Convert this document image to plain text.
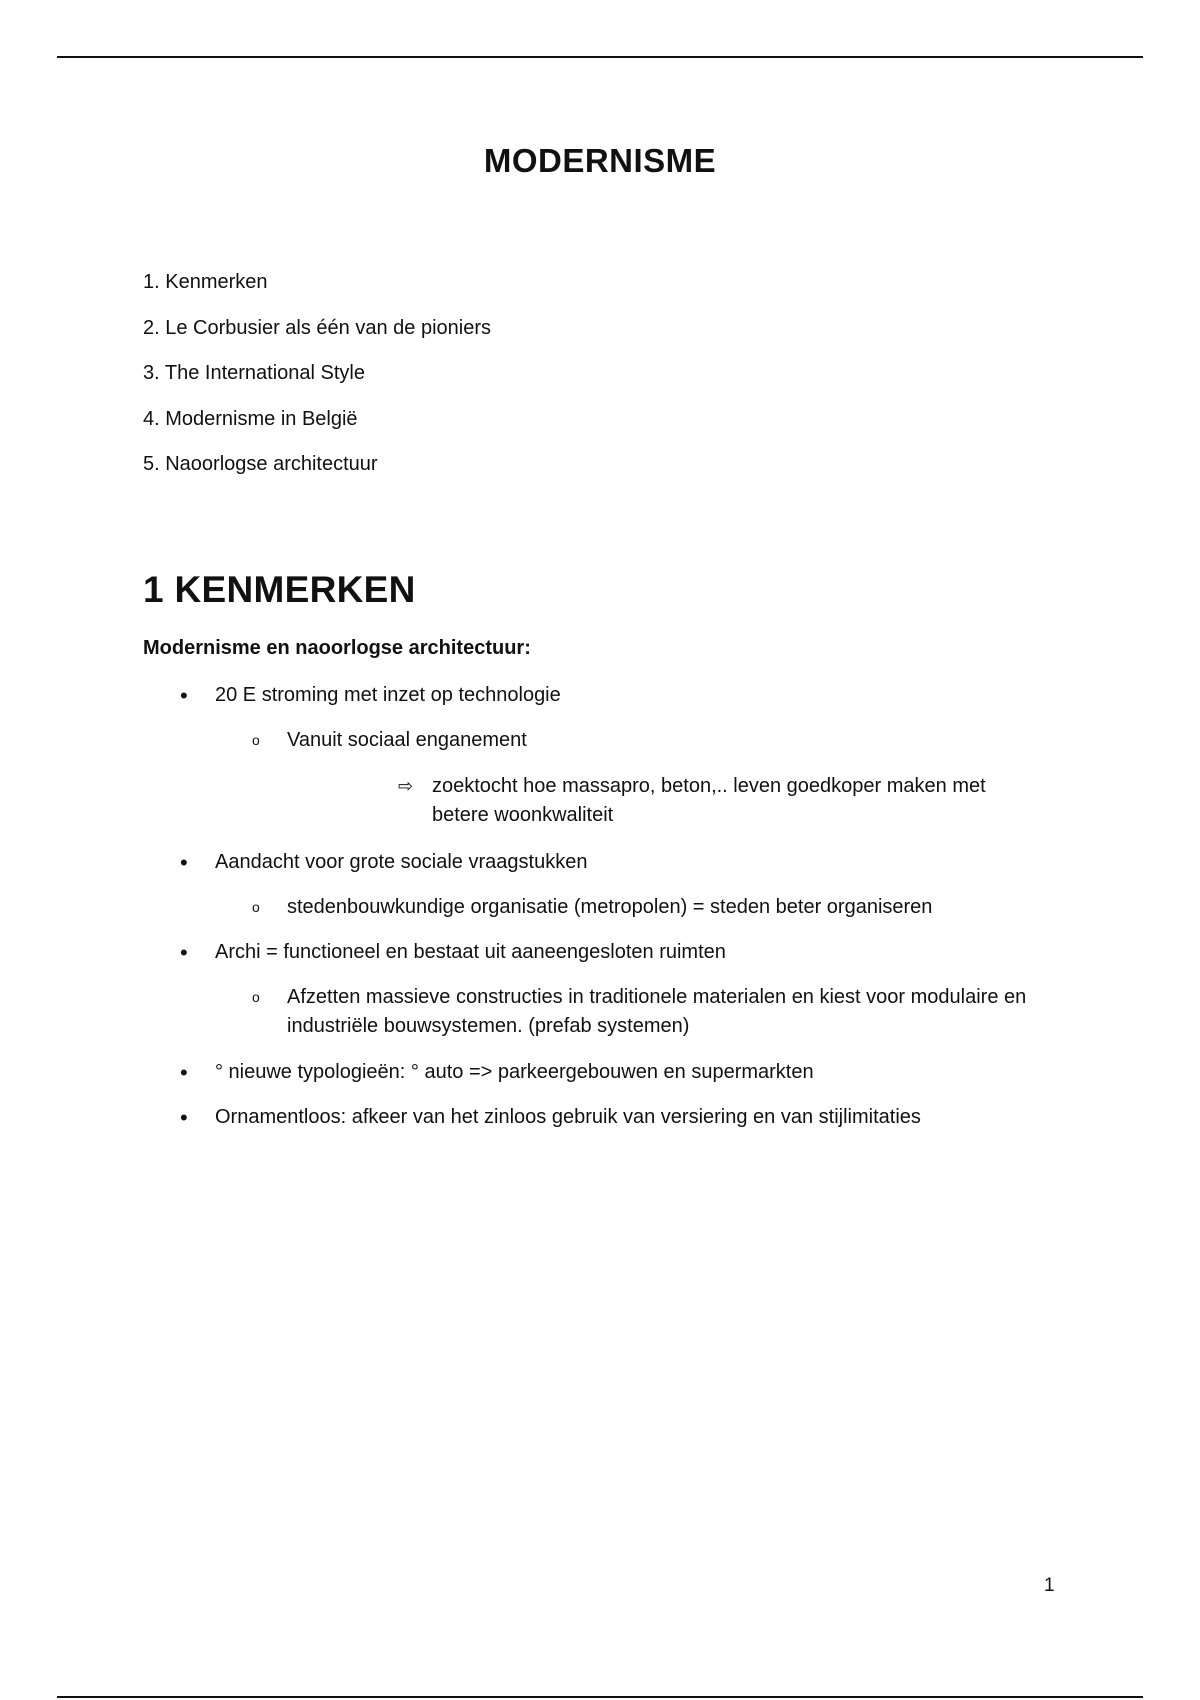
MODERNISME
1. Kenmerken
2. Le Corbusier als één van de pioniers
3. The International Style
4. Modernisme in België
5. Naoorlogse architectuur
1 KENMERKEN

Modernisme en naoorlogse architectuur:

• 20 E stroming met inzet op technologie
o Vanuit sociaal enganement
⇨ zoektocht hoe massapro, beton,.. leven goedkoper maken met betere woonkwaliteit
• Aandacht voor grote sociale vraagstukken
o stedenbouwkundige organisatie (metropolen) = steden beter organiseren
• Archi = functioneel en bestaat uit aaneengesloten ruimten
o Afzetten massieve constructies in traditionele materialen en kiest voor modulaire en industriële bouwsystemen. (prefab systemen)
• ° nieuwe typologieën: ° auto => parkeergebouwen en supermarkten
• Ornamentloos: afkeer van het zinloos gebruik van versiering en van stijlimitaties
1
